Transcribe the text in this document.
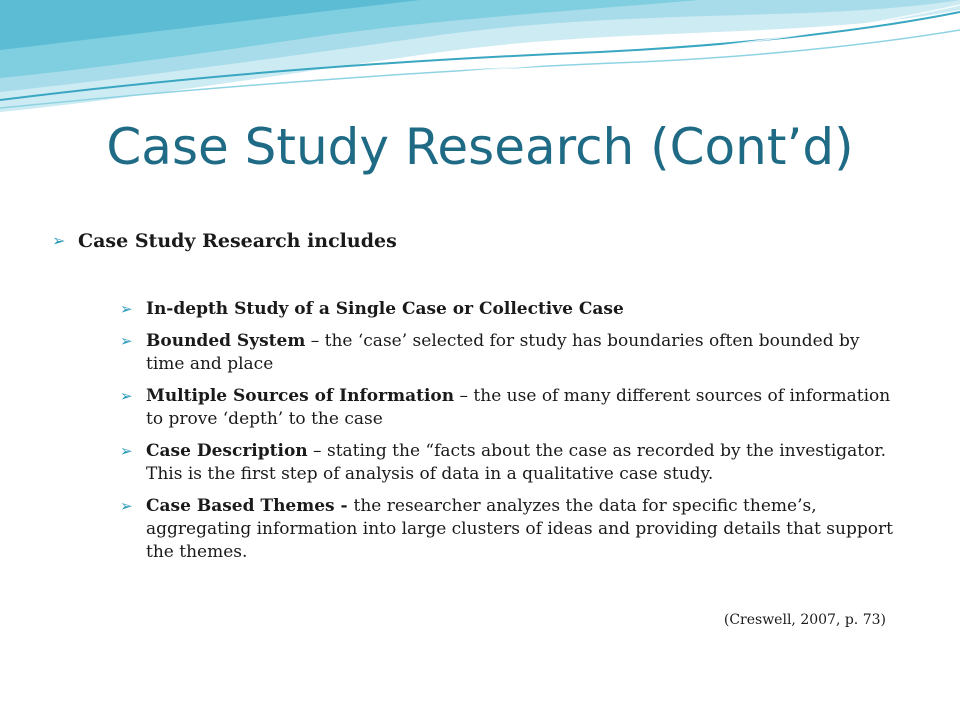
Case Study Research (Cont’d)
➢ Case Study Research includes
➢ In-depth Study of a Single Case or Collective Case
➢ Bounded System – the ‘case’ selected for study has boundaries often bounded by time and place
➢ Multiple Sources of Information – the use of many different sources of information to prove ‘depth’ to the case
➢ Case Description – stating the “facts about the case as recorded by the investigator. This is the first step of analysis of data in a qualitative case study.
➢ Case Based Themes - the researcher analyzes the data for specific theme’s, aggregating information into large clusters of ideas and providing details that support the themes.
(Creswell, 2007, p. 73)
